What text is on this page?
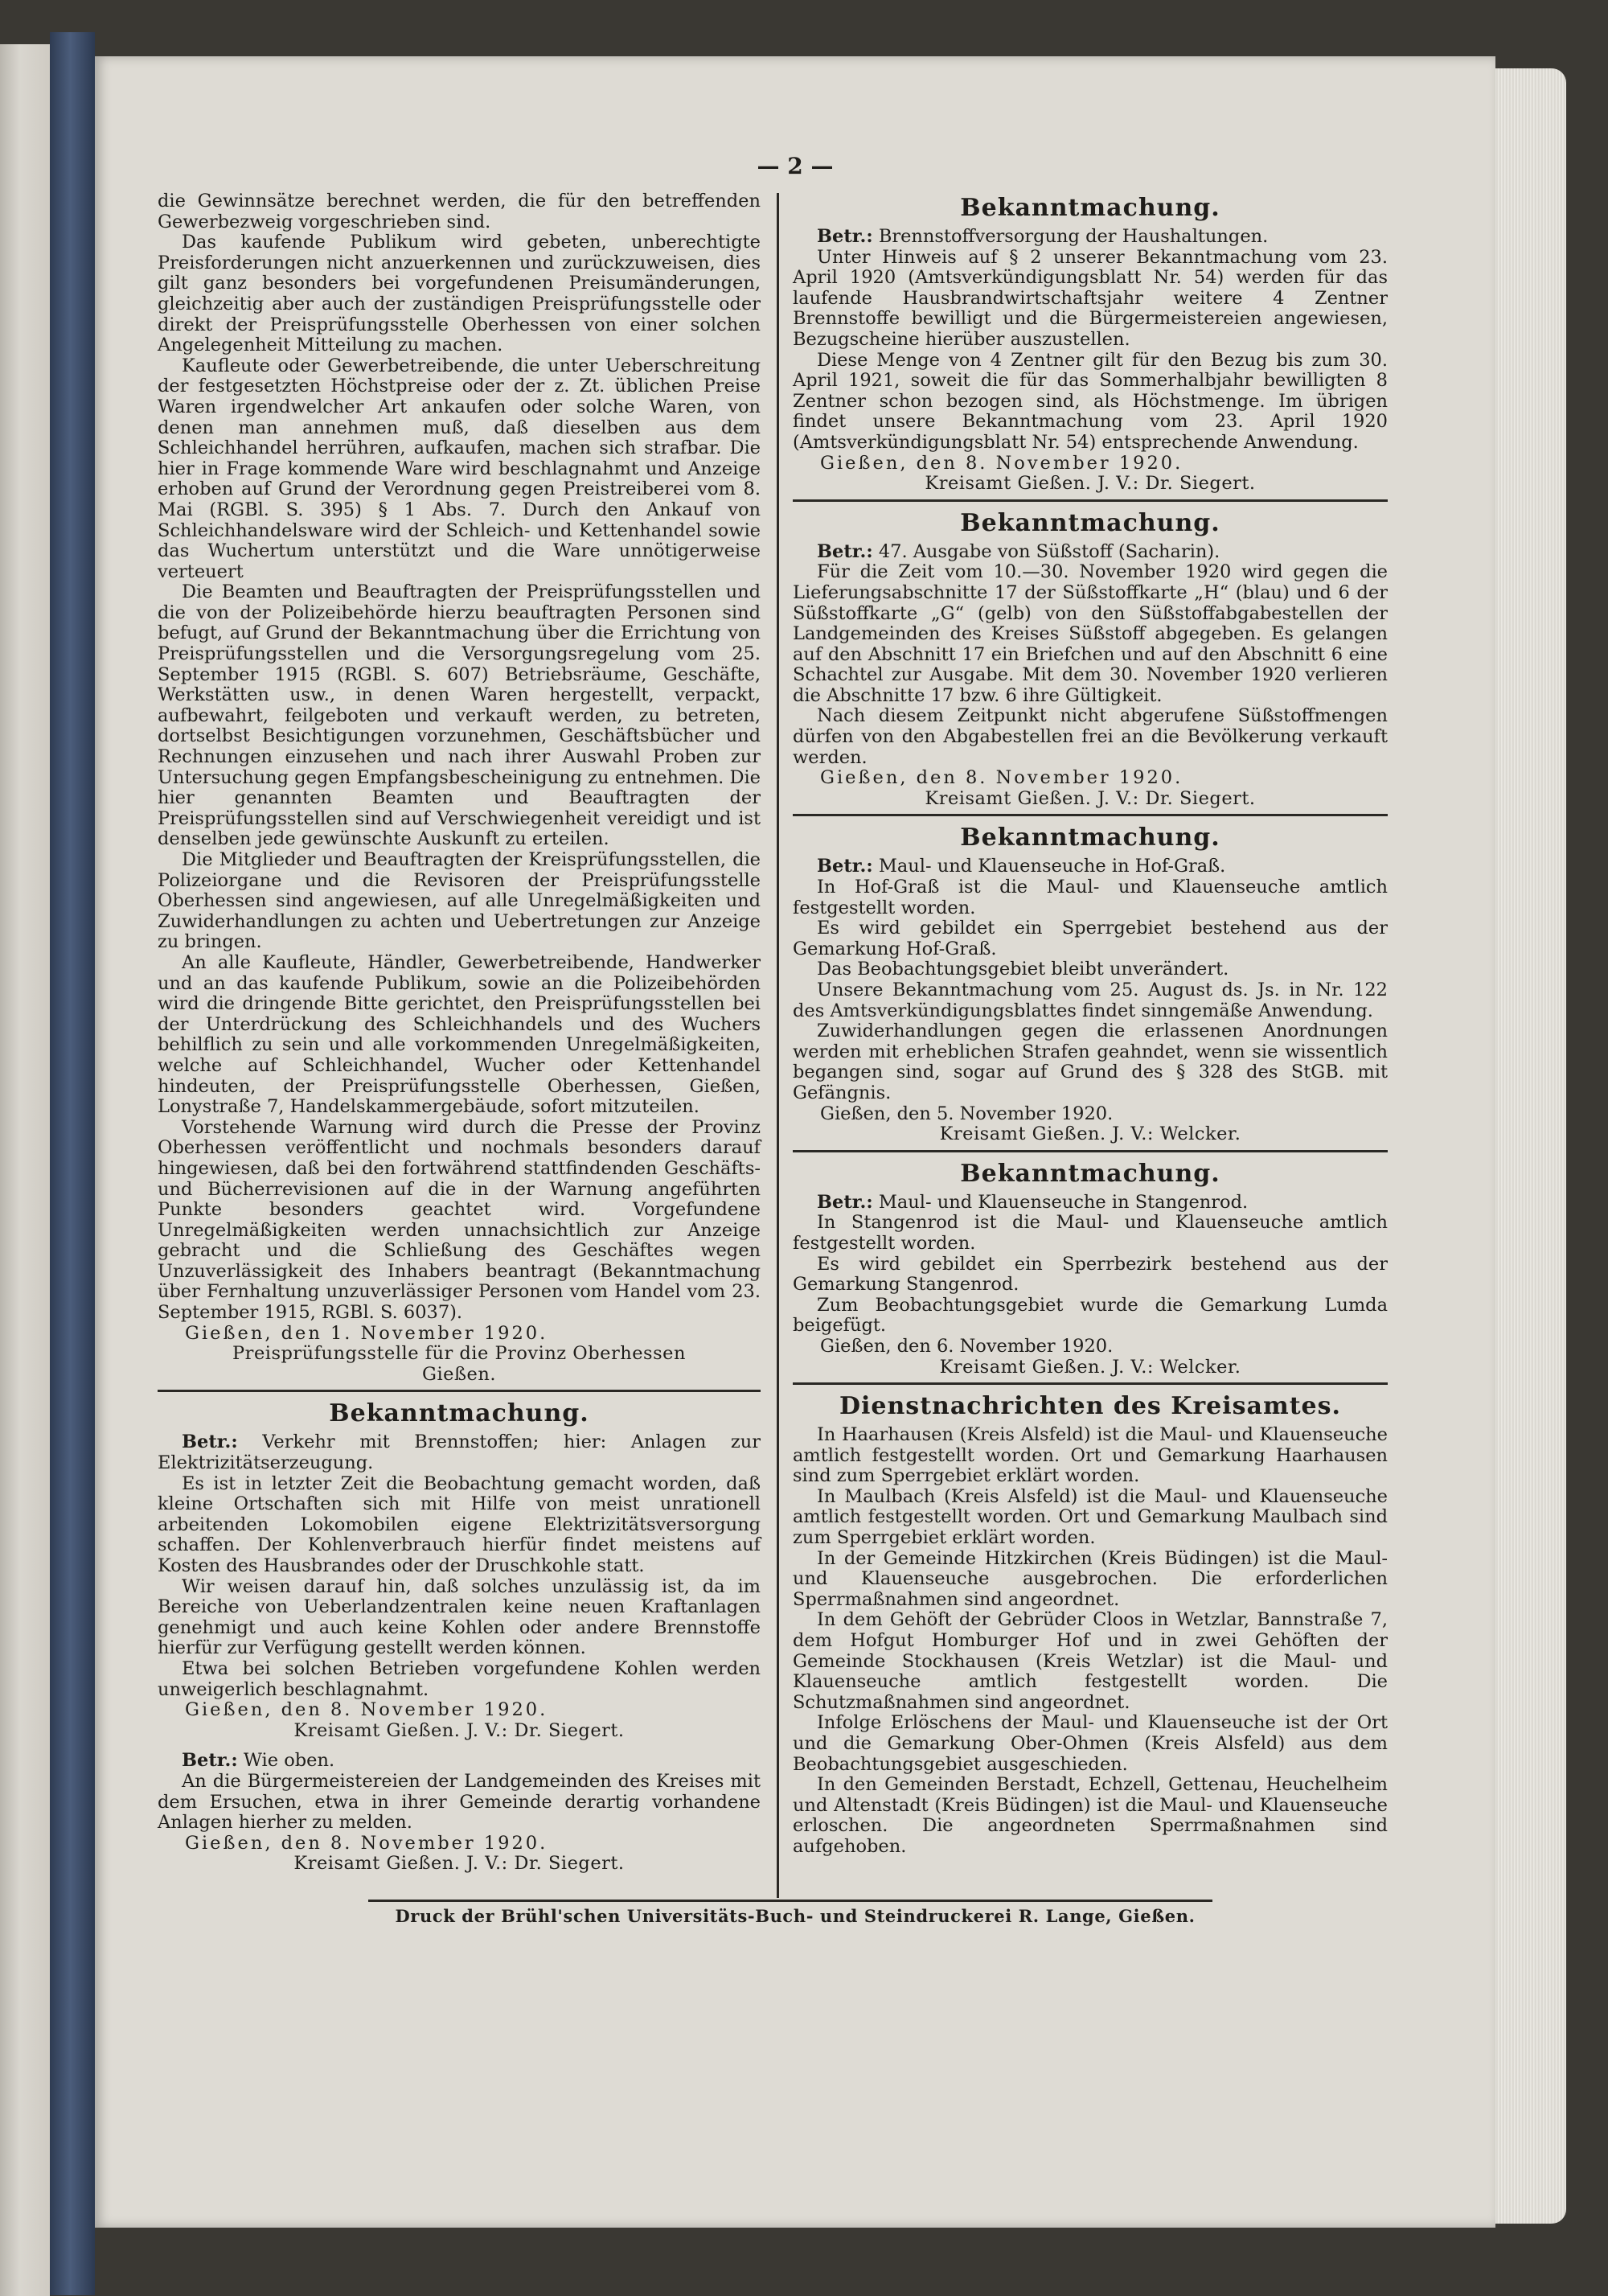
— 2 —

die Gewinnsätze berechnet werden, die für den betreffenden Gewerbezweig vorgeschrieben sind.

Das kaufende Publikum wird gebeten, unberechtigte Preisforderungen nicht anzuerkennen und zurückzuweisen, dies gilt ganz besonders bei vorgefundenen Preisumänderungen, gleichzeitig aber auch der zuständigen Preisprüfungsstelle oder direkt der Preisprüfungsstelle Oberhessen von einer solchen Angelegenheit Mitteilung zu machen.

Kaufleute oder Gewerbetreibende, die unter Ueberschreitung der festgesetzten Höchstpreise oder der z. Zt. üblichen Preise Waren irgendwelcher Art ankaufen oder solche Waren, von denen man annehmen muß, daß dieselben aus dem Schleichhandel herrühren, aufkaufen, machen sich strafbar. Die hier in Frage kommende Ware wird beschlagnahmt und Anzeige erhoben auf Grund der Verordnung gegen Preistreiberei vom 8. Mai (RGBl. S. 395) § 1 Abs. 7. Durch den Ankauf von Schleichhandelsware wird der Schleich- und Kettenhandel sowie das Wuchertum unterstützt und die Ware unnötigerweise verteuert

Die Beamten und Beauftragten der Preisprüfungsstellen und die von der Polizeibehörde hierzu beauftragten Personen sind befugt, auf Grund der Bekanntmachung über die Errichtung von Preisprüfungsstellen und die Versorgungsregelung vom 25. September 1915 (RGBl. S. 607) Betriebsräume, Geschäfte, Werkstätten usw., in denen Waren hergestellt, verpackt, aufbewahrt, feilgeboten und verkauft werden, zu betreten, dortselbst Besichtigungen vorzunehmen, Geschäftsbücher und Rechnungen einzusehen und nach ihrer Auswahl Proben zur Untersuchung gegen Empfangsbescheinigung zu entnehmen. Die hier genannten Beamten und Beauftragten der Preisprüfungsstellen sind auf Verschwiegenheit vereidigt und ist denselben jede gewünschte Auskunft zu erteilen.

Die Mitglieder und Beauftragten der Kreisprüfungsstellen, die Polizeiorgane und die Revisoren der Preisprüfungsstelle Oberhessen sind angewiesen, auf alle Unregelmäßigkeiten und Zuwiderhandlungen zu achten und Uebertretungen zur Anzeige zu bringen.

An alle Kaufleute, Händler, Gewerbetreibende, Handwerker und an das kaufende Publikum, sowie an die Polizeibehörden wird die dringende Bitte gerichtet, den Preisprüfungsstellen bei der Unterdrückung des Schleichhandels und des Wuchers behilflich zu sein und alle vorkommenden Unregelmäßigkeiten, welche auf Schleichhandel, Wucher oder Kettenhandel hindeuten, der Preisprüfungsstelle Oberhessen, Gießen, Lonystraße 7, Handelskammergebäude, sofort mitzuteilen.

Vorstehende Warnung wird durch die Presse der Provinz Oberhessen veröffentlicht und nochmals besonders darauf hingewiesen, daß bei den fortwährend stattfindenden Geschäfts- und Bücherrevisionen auf die in der Warnung angeführten Punkte besonders geachtet wird. Vorgefundene Unregelmäßigkeiten werden unnachsichtlich zur Anzeige gebracht und die Schließung des Geschäftes wegen Unzuverlässigkeit des Inhabers beantragt (Bekanntmachung über Fernhaltung unzuverlässiger Personen vom Handel vom 23. September 1915, RGBl. S. 6037).

Gießen, den 1. November 1920.

Preisprüfungsstelle für die Provinz Oberhessen

Gießen.

Bekanntmachung.

Betr.: Verkehr mit Brennstoffen; hier: Anlagen zur Elektrizitätserzeugung.

Es ist in letzter Zeit die Beobachtung gemacht worden, daß kleine Ortschaften sich mit Hilfe von meist unrationell arbeitenden Lokomobilen eigene Elektrizitätsversorgung schaffen. Der Kohlenverbrauch hierfür findet meistens auf Kosten des Hausbrandes oder der Druschkohle statt.

Wir weisen darauf hin, daß solches unzulässig ist, da im Bereiche von Ueberlandzentralen keine neuen Kraftanlagen genehmigt und auch keine Kohlen oder andere Brennstoffe hierfür zur Verfügung gestellt werden können.

Etwa bei solchen Betrieben vorgefundene Kohlen werden unweigerlich beschlagnahmt.

Gießen, den 8. November 1920.

Kreisamt Gießen. J. V.: Dr. Siegert.

Betr.: Wie oben.

An die Bürgermeistereien der Landgemeinden des Kreises mit dem Ersuchen, etwa in ihrer Gemeinde derartig vorhandene Anlagen hierher zu melden.

Gießen, den 8. November 1920.

Kreisamt Gießen. J. V.: Dr. Siegert.

Bekanntmachung.

Betr.: Brennstoffversorgung der Haushaltungen.

Unter Hinweis auf § 2 unserer Bekanntmachung vom 23. April 1920 (Amtsverkündigungsblatt Nr. 54) werden für das laufende Hausbrandwirtschaftsjahr weitere 4 Zentner Brennstoffe bewilligt und die Bürgermeistereien angewiesen, Bezugscheine hierüber auszustellen.

Diese Menge von 4 Zentner gilt für den Bezug bis zum 30. April 1921, soweit die für das Sommerhalbjahr bewilligten 8 Zentner schon bezogen sind, als Höchstmenge. Im übrigen findet unsere Bekanntmachung vom 23. April 1920 (Amtsverkündigungsblatt Nr. 54) entsprechende Anwendung.

Gießen, den 8. November 1920.

Kreisamt Gießen. J. V.: Dr. Siegert.

Bekanntmachung.

Betr.: 47. Ausgabe von Süßstoff (Sacharin).

Für die Zeit vom 10.—30. November 1920 wird gegen die Lieferungsabschnitte 17 der Süßstoffkarte „H“ (blau) und 6 der Süßstoffkarte „G“ (gelb) von den Süßstoffabgabestellen der Landgemeinden des Kreises Süßstoff abgegeben. Es gelangen auf den Abschnitt 17 ein Briefchen und auf den Abschnitt 6 eine Schachtel zur Ausgabe. Mit dem 30. November 1920 verlieren die Abschnitte 17 bzw. 6 ihre Gültigkeit.

Nach diesem Zeitpunkt nicht abgerufene Süßstoffmengen dürfen von den Abgabestellen frei an die Bevölkerung verkauft werden.

Gießen, den 8. November 1920.

Kreisamt Gießen. J. V.: Dr. Siegert.

Bekanntmachung.

Betr.: Maul- und Klauenseuche in Hof-Graß.

In Hof-Graß ist die Maul- und Klauenseuche amtlich festgestellt worden.

Es wird gebildet ein Sperrgebiet bestehend aus der Gemarkung Hof-Graß.

Das Beobachtungsgebiet bleibt unverändert.

Unsere Bekanntmachung vom 25. August ds. Js. in Nr. 122 des Amtsverkündigungsblattes findet sinngemäße Anwendung.

Zuwiderhandlungen gegen die erlassenen Anordnungen werden mit erheblichen Strafen geahndet, wenn sie wissentlich begangen sind, sogar auf Grund des § 328 des StGB. mit Gefängnis.

Gießen, den 5. November 1920.

Kreisamt Gießen. J. V.: Welcker.

Bekanntmachung.

Betr.: Maul- und Klauenseuche in Stangenrod.

In Stangenrod ist die Maul- und Klauenseuche amtlich festgestellt worden.

Es wird gebildet ein Sperrbezirk bestehend aus der Gemarkung Stangenrod.

Zum Beobachtungsgebiet wurde die Gemarkung Lumda beigefügt.

Gießen, den 6. November 1920.

Kreisamt Gießen. J. V.: Welcker.

Dienstnachrichten des Kreisamtes.

In Haarhausen (Kreis Alsfeld) ist die Maul- und Klauenseuche amtlich festgestellt worden. Ort und Gemarkung Haarhausen sind zum Sperrgebiet erklärt worden.

In Maulbach (Kreis Alsfeld) ist die Maul- und Klauenseuche amtlich festgestellt worden. Ort und Gemarkung Maulbach sind zum Sperrgebiet erklärt worden.

In der Gemeinde Hitzkirchen (Kreis Büdingen) ist die Maul- und Klauenseuche ausgebrochen. Die erforderlichen Sperrmaßnahmen sind angeordnet.

In dem Gehöft der Gebrüder Cloos in Wetzlar, Bannstraße 7, dem Hofgut Homburger Hof und in zwei Gehöften der Gemeinde Stockhausen (Kreis Wetzlar) ist die Maul- und Klauenseuche amtlich festgestellt worden. Die Schutzmaßnahmen sind angeordnet.

Infolge Erlöschens der Maul- und Klauenseuche ist der Ort und die Gemarkung Ober-Ohmen (Kreis Alsfeld) aus dem Beobachtungsgebiet ausgeschieden.

In den Gemeinden Berstadt, Echzell, Gettenau, Heuchelheim und Altenstadt (Kreis Büdingen) ist die Maul- und Klauenseuche erloschen. Die angeordneten Sperrmaßnahmen sind aufgehoben.

Druck der Brühl'schen Universitäts-Buch- und Steindruckerei R. Lange, Gießen.
